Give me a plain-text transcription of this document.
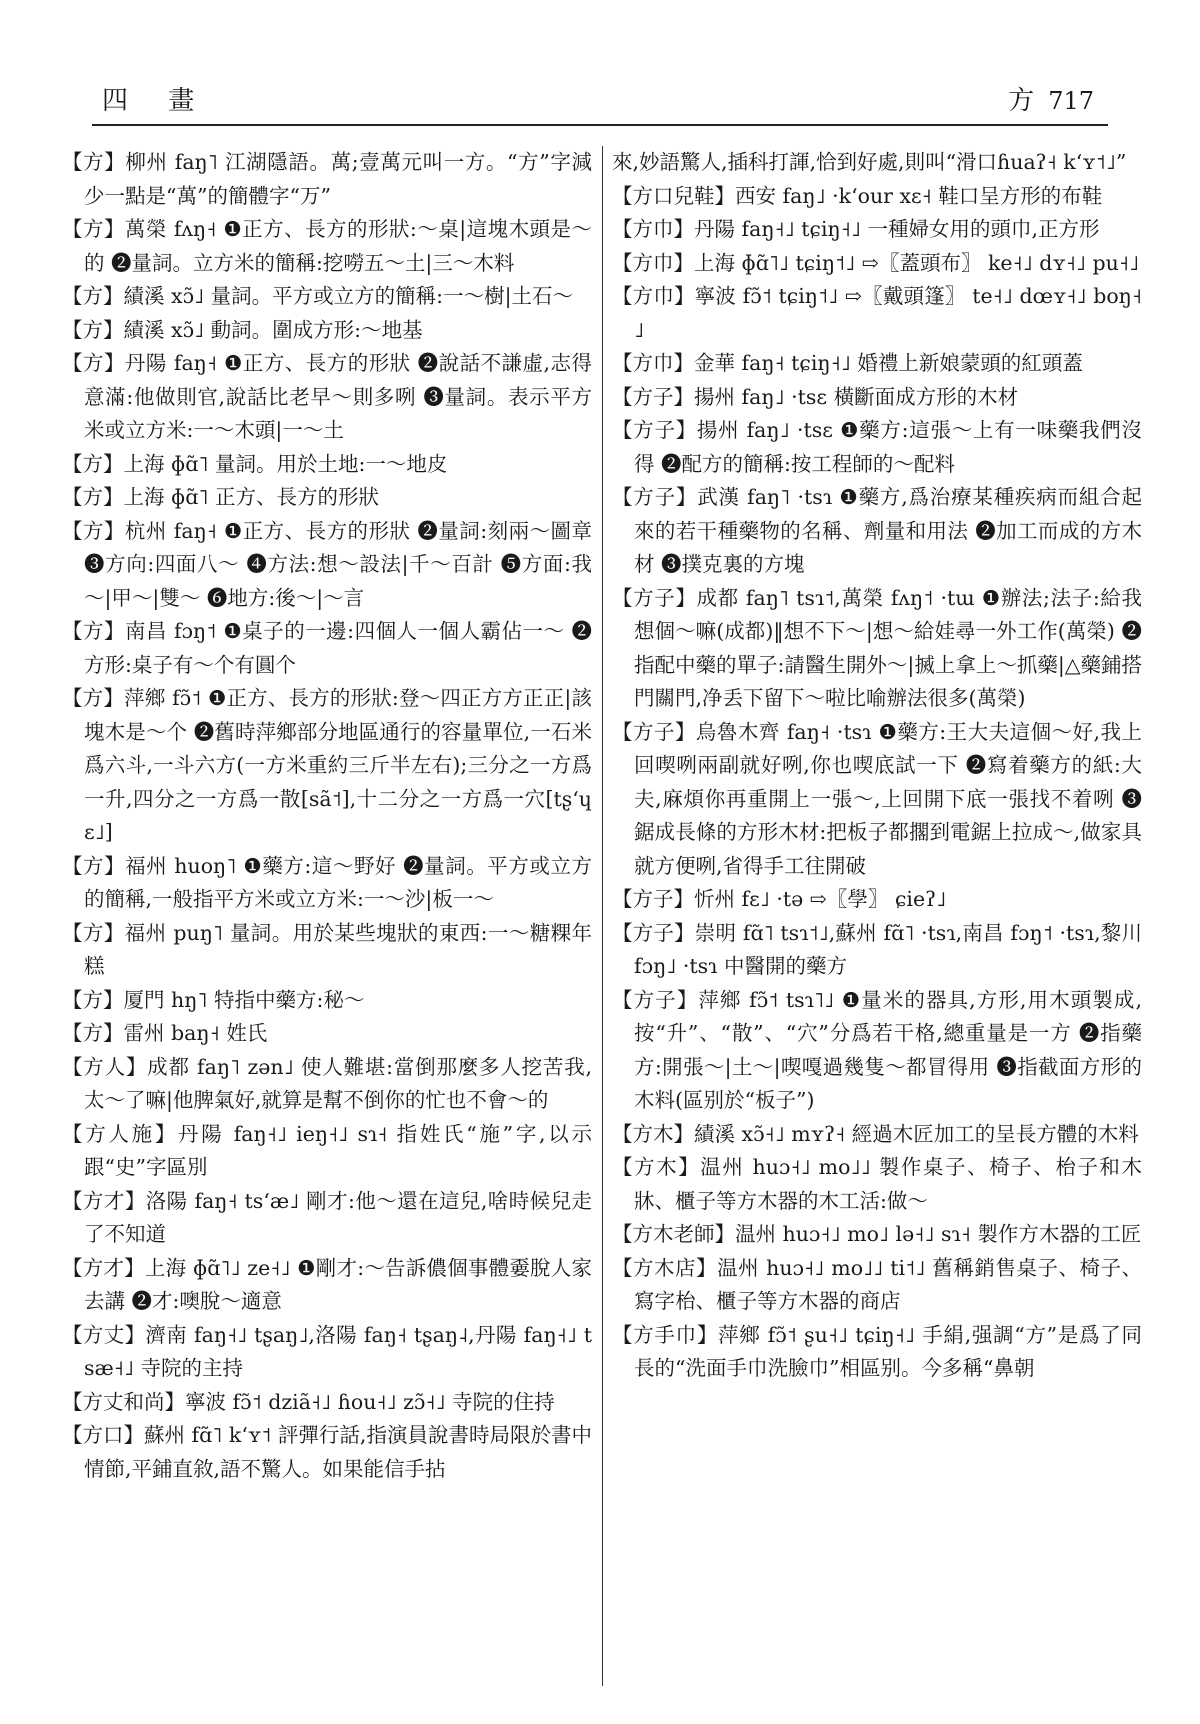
四 畫	方 717

【方】柳州 faŋ˥ 江湖隱語。萬;壹萬元叫一方。“方”字減少一點是“萬”的簡體字“万”

【方】萬榮 fʌŋ˧ ❶正方、長方的形狀:～桌|這塊木頭是～的 ❷量詞。立方米的簡稱:挖嘮五～土|三～木料

【方】績溪 xɔ̃˩ 量詞。平方或立方的簡稱:一～樹|土石～

【方】績溪 xɔ̃˩ 動詞。圍成方形:～地基

【方】丹陽 faŋ˧ ❶正方、長方的形狀 ❷說話不謙虛,志得意滿:他做則官,說話比老早～則多咧 ❸量詞。表示平方米或立方米:一～木頭|一～土

【方】上海 ɸɑ̃˥ 量詞。用於土地:一～地皮

【方】上海 ɸɑ̃˥ 正方、長方的形狀

【方】杭州 faŋ˧ ❶正方、長方的形狀 ❷量詞:刻兩～圖章 ❸方向:四面八～ ❹方法:想～設法|千～百計 ❺方面:我～|甲～|雙～ ❻地方:後～|～言

【方】南昌 fɔŋ˦ ❶桌子的一邊:四個人一個人霸佔一～ ❷方形:桌子有～个有圓个

【方】萍鄉 fɔ̃˦ ❶正方、長方的形狀:登～四正方方正正|該塊木是～个 ❷舊時萍鄉部分地區通行的容量單位,一石米爲六斗,一斗六方(一方米重約三斤半左右);三分之一方爲一升,四分之一方爲一散[sã˦],十二分之一方爲一穴[tʂʻɥɛ˩]

【方】福州 huoŋ˥ ❶藥方:這～野好 ❷量詞。平方或立方的簡稱,一般指平方米或立方米:一～沙|板一～

【方】福州 puŋ˥ 量詞。用於某些塊狀的東西:一～糖粿年糕

【方】厦門 hŋ˥ 特指中藥方:秘～

【方】雷州 baŋ˧ 姓氏

【方人】成都 faŋ˥ zən˩ 使人難堪:當倒那麼多人挖苦我,太～了嘛|他脾氣好,就算是幫不倒你的忙也不會～的

【方人施】丹陽 faŋ˧˩ ieŋ˧˩ sɿ˧ 指姓氏“施”字,以示跟“史”字區別

【方才】洛陽 faŋ˧ tsʻæ˩ 剛才:他～還在這兒,啥時候兒走了不知道

【方才】上海 ɸɑ̃˥˩ ze˧˩ ❶剛才:～告訴儂個事體嫑脫人家去講 ❷才:噢脫～適意

【方丈】濟南 faŋ˧˩ tʂaŋ˩,洛陽 faŋ˧ tʂaŋ˨,丹陽 faŋ˧˩ tsæ˧˩ 寺院的主持

【方丈和尚】寧波 fɔ̃˦ dziã˧˩ ɦou˧˩ zɔ̃˧˩ 寺院的住持

【方口】蘇州 fɑ̃˥ kʻʏ˦ 評彈行話,指演員說書時局限於書中情節,平鋪直敘,語不驚人。如果能信手拈

來,妙語驚人,插科打諢,恰到好處,則叫“滑口ɦuaʔ˧ kʻʏ˦˩”

【方口兒鞋】西安 faŋ˩ ·kʻour xɛ˧ 鞋口呈方形的布鞋

【方巾】丹陽 faŋ˧˩ tɕiŋ˧˩ 一種婦女用的頭巾,正方形

【方巾】上海 ɸɑ̃˥˩ tɕiŋ˦˩ ⇨〖蓋頭布〗 ke˧˩ dʏ˧˩ pu˧˩

【方巾】寧波 fɔ̃˦ tɕiŋ˦˩ ⇨〖戴頭篷〗 te˧˩ dœʏ˧˩ boŋ˧˩

【方巾】金華 faŋ˧ tɕiŋ˧˩ 婚禮上新娘蒙頭的紅頭蓋

【方子】揚州 faŋ˩ ·tsɛ 橫斷面成方形的木材

【方子】揚州 faŋ˩ ·tsɛ ❶藥方:這張～上有一味藥我們沒得 ❷配方的簡稱:按工程師的～配料

【方子】武漢 faŋ˥ ·tsɿ ❶藥方,爲治療某種疾病而組合起來的若干種藥物的名稱、劑量和用法 ❷加工而成的方木材 ❸撲克裏的方塊

【方子】成都 faŋ˥ tsɿ˦,萬榮 fʌŋ˦ ·tɯ ❶辦法;法子:給我想個～嘛(成都)‖想不下～|想～給娃尋一外工作(萬榮) ❷指配中藥的單子:請醫生開外～|搣上拿上～抓藥|△藥鋪搭門關門,净丢下留下～啦比喻辦法很多(萬榮)

【方子】烏魯木齊 faŋ˧ ·tsɿ ❶藥方:王大夫這個～好,我上回喫咧兩副就好咧,你也喫底試一下 ❷寫着藥方的紙:大夫,麻煩你再重開上一張～,上回開下底一張找不着咧 ❸鋸成長條的方形木材:把板子都擱到電鋸上拉成～,做家具就方便咧,省得手工往開破

【方子】忻州 fɛ˩ ·tə ⇨〖學〗 ɕieʔ˩

【方子】崇明 fɑ̃˥ tsɿ˦˩,蘇州 fɑ̃˥ ·tsɿ,南昌 fɔŋ˦ ·tsɿ,黎川 fɔŋ˩ ·tsɿ 中醫開的藥方

【方子】萍鄉 fɔ̃˦ tsɿ˥˩ ❶量米的器具,方形,用木頭製成,按“升”、“散”、“穴”分爲若干格,總重量是一方 ❷指藥方:開張～|土～|喫嘎過幾隻～都冒得用 ❸指截面方形的木料(區别於“板子”)

【方木】績溪 xɔ̃˧˩ mʏʔ˧ 經過木匠加工的呈長方體的木料

【方木】温州 huɔ˧˩ mo˩˩ 製作桌子、椅子、枱子和木牀、櫃子等方木器的木工活:做～

【方木老師】温州 huɔ˧˩ mo˩ lə˧˩ sɿ˧ 製作方木器的工匠

【方木店】温州 huɔ˧˩ mo˩˩ ti˦˩ 舊稱銷售桌子、椅子、寫字枱、櫃子等方木器的商店

【方手巾】萍鄉 fɔ̃˦ ʂu˧˩ tɕiŋ˧˩ 手絹,强調“方”是爲了同長的“洗面手巾洗臉巾”相區别。今多稱“鼻朝
